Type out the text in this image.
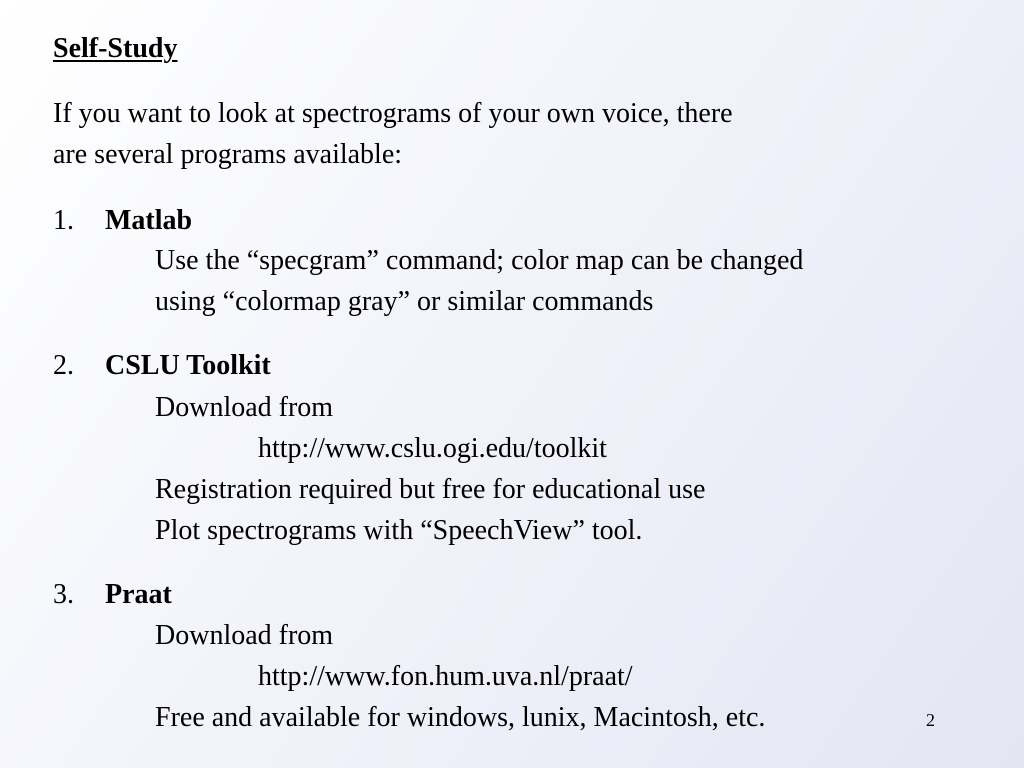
Self-Study
If you want to look at spectrograms of your own voice, there
are several programs available:
1. Matlab
Use the “specgram” command; color map can be changed
using “colormap gray” or similar commands
2. CSLU Toolkit
Download from
http://www.cslu.ogi.edu/toolkit
Registration required but free for educational use
Plot spectrograms with “SpeechView” tool.
3. Praat
Download from
http://www.fon.hum.uva.nl/praat/
Free and available for windows, lunix, Macintosh, etc.	2
